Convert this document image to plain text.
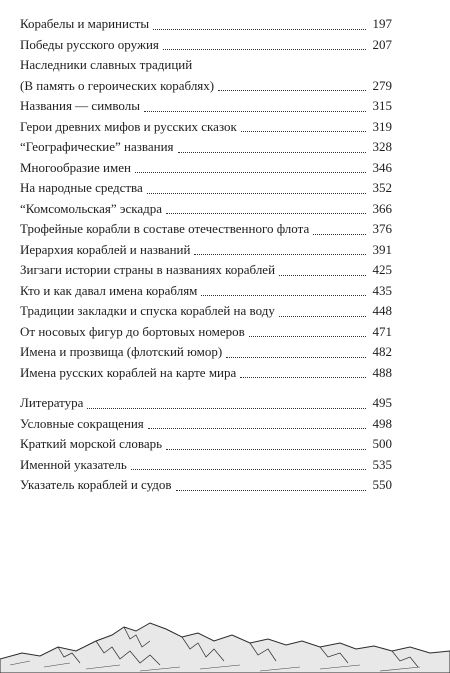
Корабелы и маринисты	197
Победы русского оружия	207
Наследники славных традиций
(В память о героических кораблях)	279
Названия — символы	315
Герои древних мифов и русских сказок	319
“Географические” названия	328
Многообразие имен	346
На народные средства	352
“Комсомольская” эскадра	366
Трофейные корабли в составе отечественного флота	376
Иерархия кораблей и названий	391
Зигзаги истории страны в названиях кораблей	425
Кто и как давал имена кораблям	435
Традиции закладки и спуска кораблей на воду	448
От носовых фигур до бортовых номеров	471
Имена и прозвища (флотский юмор)	482
Имена русских кораблей на карте мира	488
Литература	495
Условные сокращения	498
Краткий морской словарь	500
Именной указатель	535
Указатель кораблей и судов	550
